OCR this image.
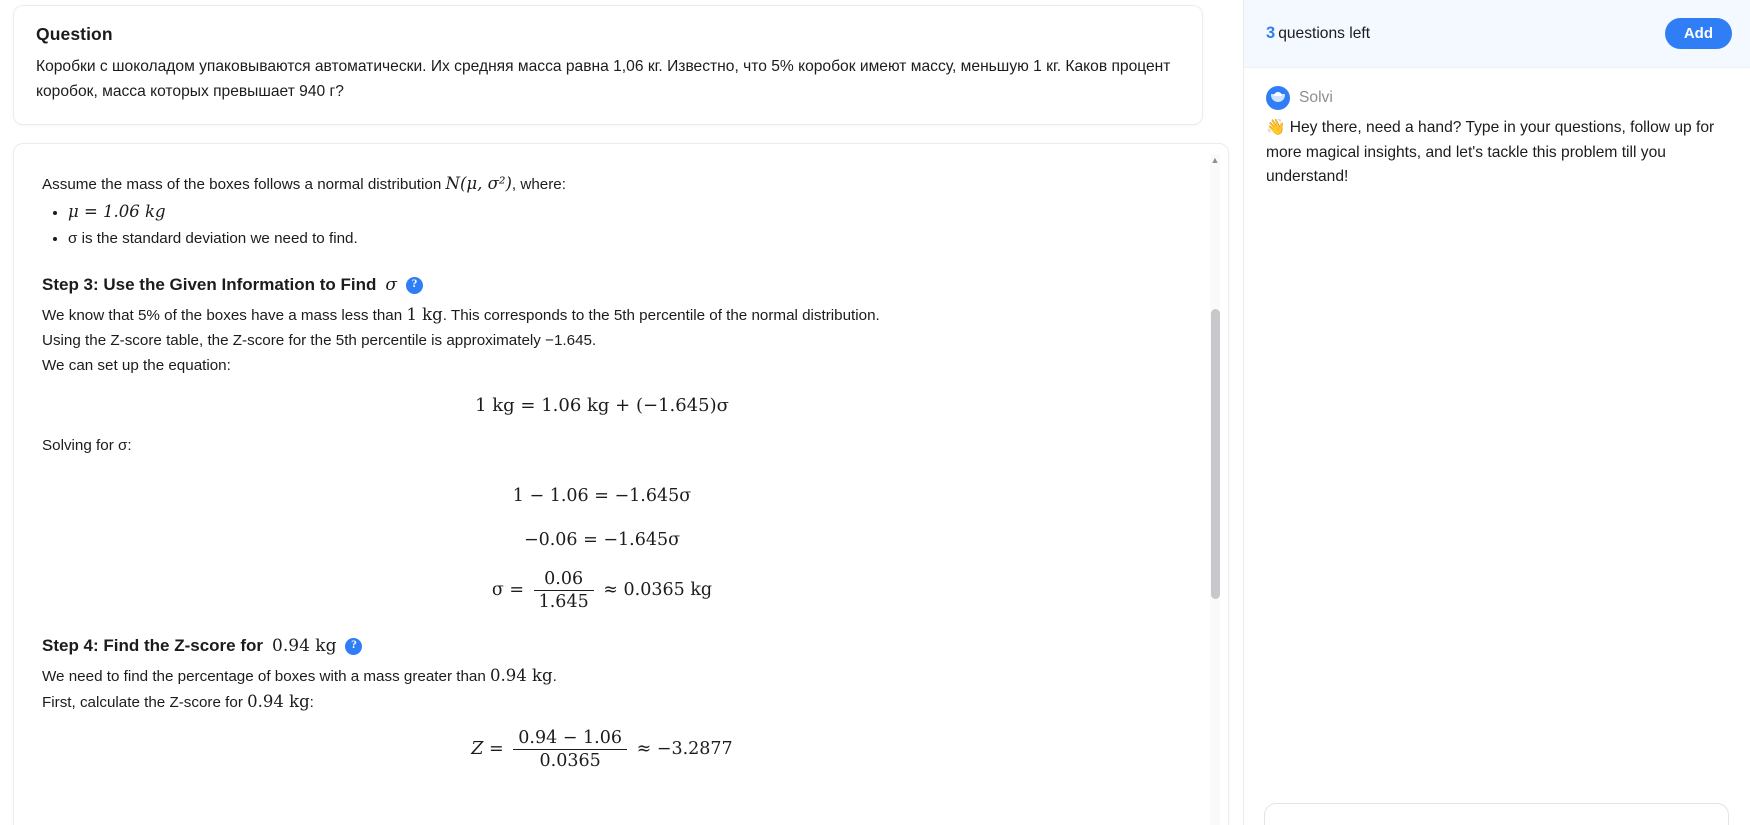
Question

Коробки с шоколадом упаковываются автоматически. Их средняя масса равна 1,06 кг. Известно, что 5% коробок имеют массу, меньшую 1 кг. Каков процент коробок, масса которых превышает 940 г?

Assume the mass of the boxes follows a normal distribution N(μ, σ²), where:

• μ = 1.06 kg
• σ is the standard deviation we need to find.
Step 3: Use the Given Information to Find σ	?

We know that 5% of the boxes have a mass less than 1 kg. This corresponds to the 5th percentile of the normal distribution.

Using the Z-score table, the Z-score for the 5th percentile is approximately −1.645.

We can set up the equation:

1 kg = 1.06 kg + (−1.645)σ

Solving for σ:

1 − 1.06 = −1.645σ
−0.06 = −1.645σ
$\sigma = \frac{0.06}{1.645} \approx 0.0365$ kg
Step 4: Find the Z-score for 0.94 kg	?

We need to find the percentage of boxes with a mass greater than 0.94 kg.

First, calculate the Z-score for 0.94 kg:

$Z = \frac{0.94 - 1.06}{0.0365} \approx -3.2877$
▲
3 questions left	Add
Solvi

👋 Hey there, need a hand? Type in your questions, follow up for more magical insights, and let's tackle this problem till you understand!
